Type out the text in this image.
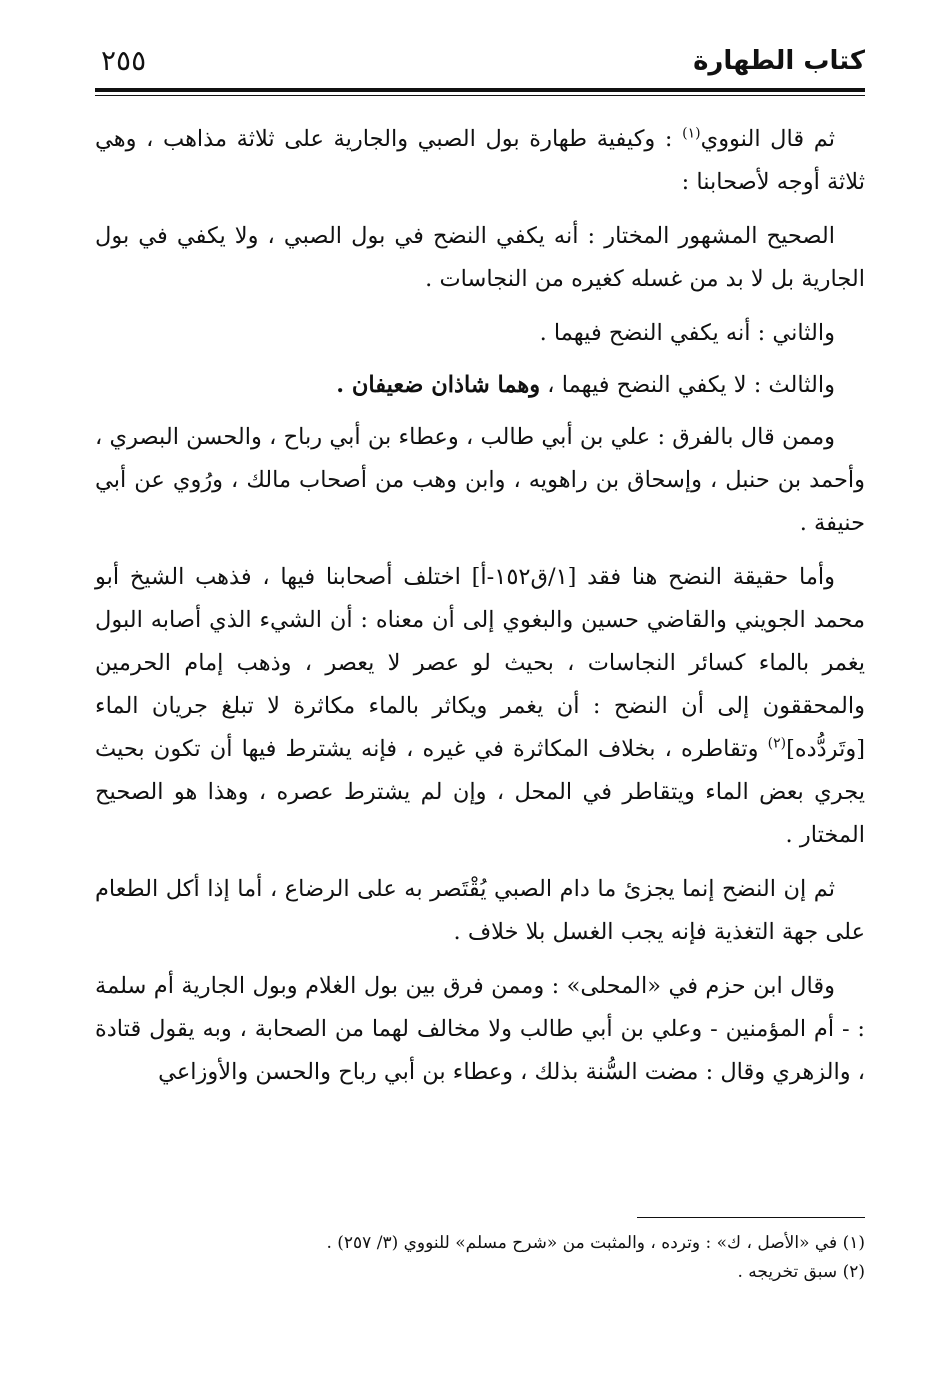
كتاب الطهارة
٢٥٥

ثم قال النووي$^{(١)}$ : وكيفية طهارة بول الصبي والجارية على ثلاثة مذاهب ، وهي ثلاثة أوجه لأصحابنا :

الصحيح المشهور المختار : أنه يكفي النضح في بول الصبي ، ولا يكفي في بول الجارية بل لا بد من غسله كغيره من النجاسات .

والثاني : أنه يكفي النضح فيهما .

والثالث : لا يكفي النضح فيهما ، وهما شاذان ضعيفان .

وممن قال بالفرق : علي بن أبي طالب ، وعطاء بن أبي رباح ، والحسن البصري ، وأحمد بن حنبل ، وإسحاق بن راهويه ، وابن وهب من أصحاب مالك ، ورُوي عن أبي حنيفة .

وأما حقيقة النضح هنا فقد [١/ق١٥٢-أ] اختلف أصحابنا فيها ، فذهب الشيخ أبو محمد الجويني والقاضي حسين والبغوي إلى أن معناه : أن الشيء الذي أصابه البول يغمر بالماء كسائر النجاسات ، بحيث لو عصر لا يعصر ، وذهب إمام الحرمين والمحققون إلى أن النضح : أن يغمر ويكاثر بالماء مكاثرة لا تبلغ جريان الماء [وتَردُّده]$^{(٢)}$ وتقاطره ، بخلاف المكاثرة في غيره ، فإنه يشترط فيها أن تكون بحيث يجري بعض الماء ويتقاطر في المحل ، وإن لم يشترط عصره ، وهذا هو الصحيح المختار .

ثم إن النضح إنما يجزئ ما دام الصبي يُقْتَصر به على الرضاع ، أما إذا أكل الطعام على جهة التغذية فإنه يجب الغسل بلا خلاف .

وقال ابن حزم في «المحلى» : وممن فرق بين بول الغلام وبول الجارية أم سلمة : - أم المؤمنين - وعلي بن أبي طالب ولا مخالف لهما من الصحابة ، وبه يقول قتادة ، والزهري وقال : مضت السُّنة بذلك ، وعطاء بن أبي رباح والحسن والأوزاعي

(١) في «الأصل ، ك» : وترده ، والمثبت من «شرح مسلم» للنووي (٣/ ٢٥٧) .
(٢) سبق تخريجه .
